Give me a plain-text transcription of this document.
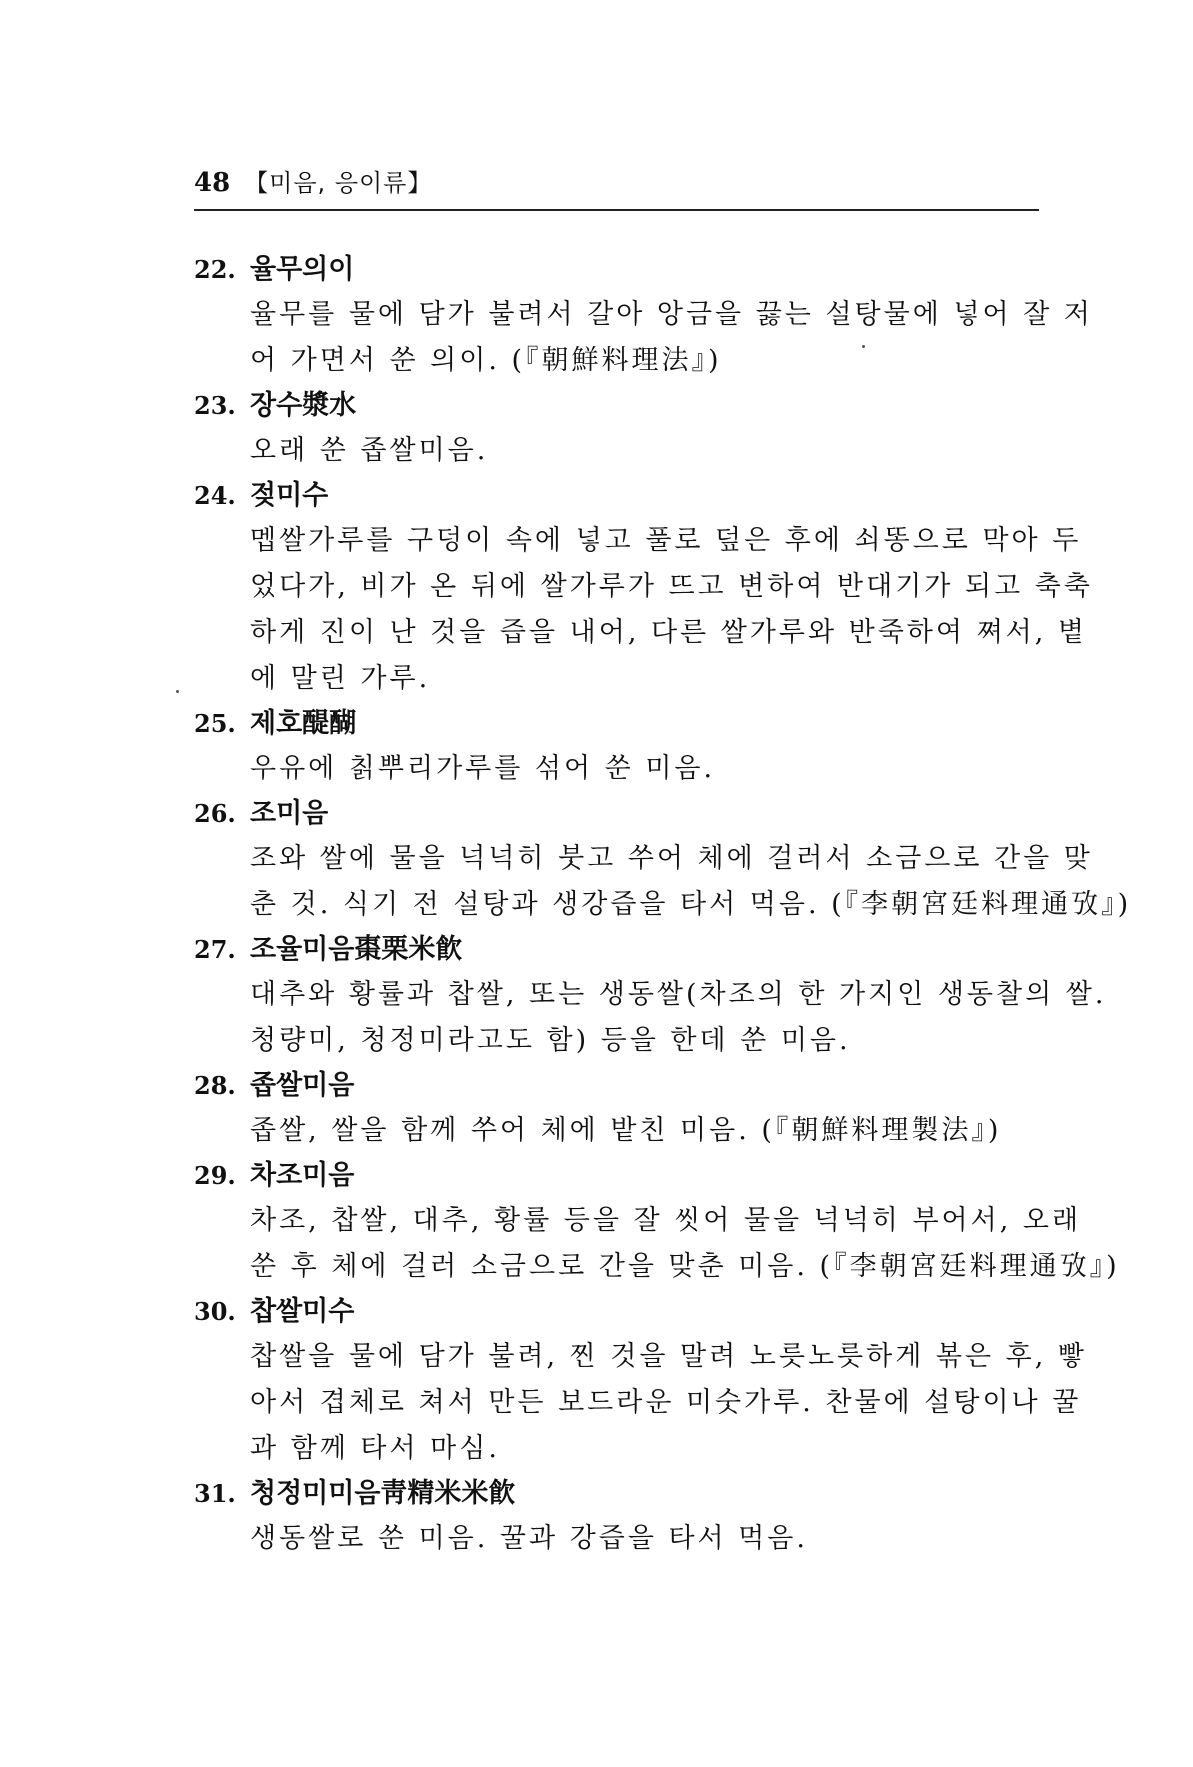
48 【미음, 응이류】
22. 율무의이
율무를 물에 담가 불려서 갈아 앙금을 끓는 설탕물에 넣어 잘 저
어 가면서 쑨 의이. (『朝鮮料理法』)
23. 장수漿水
오래 쑨 좁쌀미음.
24. 젖미수
멥쌀가루를 구덩이 속에 넣고 풀로 덮은 후에 쇠똥으로 막아 두
었다가, 비가 온 뒤에 쌀가루가 뜨고 변하여 반대기가 되고 축축
하게 진이 난 것을 즙을 내어, 다른 쌀가루와 반죽하여 쪄서, 볕
에 말린 가루.
25. 제호醍醐
우유에 칡뿌리가루를 섞어 쑨 미음.
26. 조미음
조와 쌀에 물을 넉넉히 붓고 쑤어 체에 걸러서 소금으로 간을 맞
춘 것. 식기 전 설탕과 생강즙을 타서 먹음. (『李朝宮廷料理通攷』)
27. 조율미음棗栗米飮
대추와 황률과 찹쌀, 또는 생동쌀(차조의 한 가지인 생동찰의 쌀.
청량미, 청정미라고도 함) 등을 한데 쑨 미음.
28. 좁쌀미음
좁쌀, 쌀을 함께 쑤어 체에 밭친 미음. (『朝鮮料理製法』)
29. 차조미음
차조, 찹쌀, 대추, 황률 등을 잘 씻어 물을 넉넉히 부어서, 오래
쑨 후 체에 걸러 소금으로 간을 맞춘 미음. (『李朝宮廷料理通攷』)
30. 찹쌀미수
찹쌀을 물에 담가 불려, 찐 것을 말려 노릇노릇하게 볶은 후, 빻
아서 겹체로 쳐서 만든 보드라운 미숫가루. 찬물에 설탕이나 꿀
과 함께 타서 마심.
31. 청정미미음靑精米米飮
생동쌀로 쑨 미음. 꿀과 강즙을 타서 먹음.
